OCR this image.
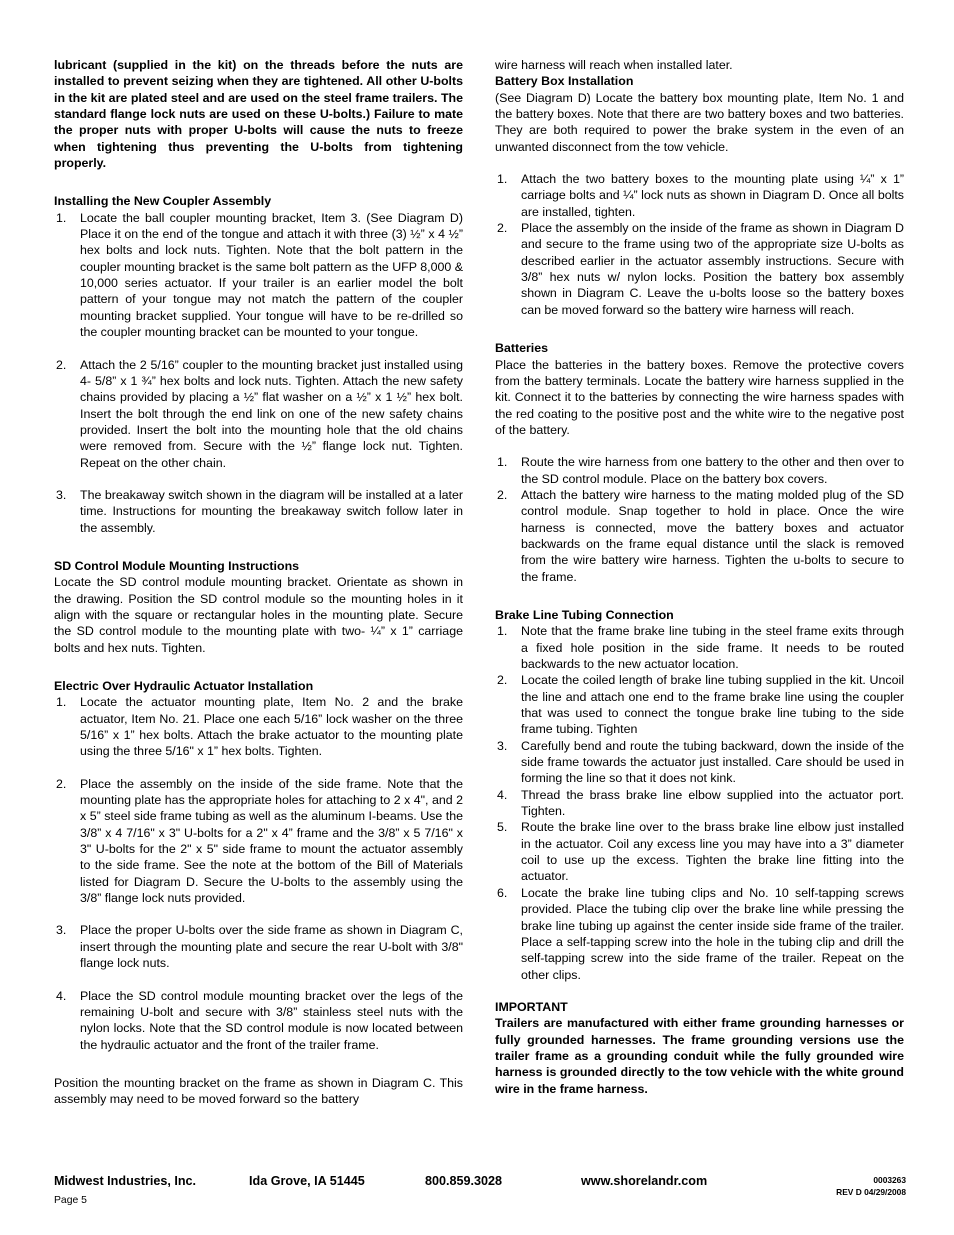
lubricant (supplied in the kit) on the threads before the nuts are installed to prevent seizing when they are tightened. All other U-bolts in the kit are plated steel and are used on the steel frame trailers. The standard flange lock nuts are used on these U-bolts.) Failure to mate the proper nuts with proper U-bolts will cause the nuts to freeze when tightening thus preventing the U-bolts from tightening properly.
Installing the New Coupler Assembly
1.	Locate the ball coupler mounting bracket, Item 3. (See Diagram D) Place it on the end of the tongue and attach it with three (3) ½” x 4 ½” hex bolts and lock nuts. Tighten. Note that the bolt pattern in the coupler mounting bracket is the same bolt pattern as the UFP 8,000 & 10,000 series actuator. If your trailer is an earlier model the bolt pattern of your tongue may not match the pattern of the coupler mounting bracket supplied. Your tongue will have to be re-drilled so the coupler mounting bracket can be mounted to your tongue.
2.	Attach the 2 5/16” coupler to the mounting bracket just installed using 4- 5/8” x 1 ¾” hex bolts and lock nuts. Tighten. Attach the new safety chains provided by placing a ½” flat washer on a ½” x 1 ½” hex bolt. Insert the bolt through the end link on one of the new safety chains provided. Insert the bolt into the mounting hole that the old chains were removed from. Secure with the ½” flange lock nut. Tighten. Repeat on the other chain.
3.	The breakaway switch shown in the diagram will be installed at a later time. Instructions for mounting the breakaway switch follow later in the assembly.
SD Control Module Mounting Instructions
Locate the SD control module mounting bracket. Orientate as shown in the drawing. Position the SD control module so the mounting holes in it align with the square or rectangular holes in the mounting plate. Secure the SD control module to the mounting plate with two- ¼” x 1” carriage bolts and hex nuts. Tighten.
Electric Over Hydraulic Actuator Installation
1.	Locate the actuator mounting plate, Item No. 2 and the brake actuator, Item No. 21. Place one each 5/16” lock washer on the three 5/16” x 1” hex bolts. Attach the brake actuator to the mounting plate using the three 5/16" x 1” hex bolts. Tighten.
2.	Place the assembly on the inside of the side frame. Note that the mounting plate has the appropriate holes for attaching to 2 x 4", and 2 x 5” steel side frame tubing as well as the aluminum I-beams. Use the 3/8” x 4 7/16" x 3" U-bolts for a 2" x 4” frame and the 3/8” x 5 7/16" x 3" U-bolts for the 2" x 5" side frame to mount the actuator assembly to the side frame. See the note at the bottom of the Bill of Materials listed for Diagram D. Secure the U-bolts to the assembly using the 3/8” flange lock nuts provided.
3.	Place the proper U-bolts over the side frame as shown in Diagram C, insert through the mounting plate and secure the rear U-bolt with 3/8" flange lock nuts.
4.	Place the SD control module mounting bracket over the legs of the remaining U-bolt and secure with 3/8” stainless steel nuts with the nylon locks. Note that the SD control module is now located between the hydraulic actuator and the front of the trailer frame.
Position the mounting bracket on the frame as shown in Diagram C. This assembly may need to be moved forward so the battery
wire harness will reach when installed later.
Battery Box Installation
(See Diagram D) Locate the battery box mounting plate, Item No. 1 and the battery boxes. Note that there are two battery boxes and two batteries. They are both required to power the brake system in the even of an unwanted disconnect from the tow vehicle.
1.	Attach the two battery boxes to the mounting plate using ¼” x 1” carriage bolts and ¼” lock nuts as shown in Diagram D. Once all bolts are installed, tighten.
2.	Place the assembly on the inside of the frame as shown in Diagram D and secure to the frame using two of the appropriate size U-bolts as described earlier in the actuator assembly instructions. Secure with 3/8” hex nuts w/ nylon locks. Position the battery box assembly shown in Diagram C. Leave the u-bolts loose so the battery boxes can be moved forward so the battery wire harness will reach.
Batteries
Place the batteries in the battery boxes. Remove the protective covers from the battery terminals. Locate the battery wire harness supplied in the kit. Connect it to the batteries by connecting the wire harness spades with the red coating to the positive post and the white wire to the negative post of the battery.
1.	Route the wire harness from one battery to the other and then over to the SD control module. Place on the battery box covers.
2.	Attach the battery wire harness to the mating molded plug of the SD control module. Snap together to hold in place. Once the wire harness is connected, move the battery boxes and actuator backwards on the frame equal distance until the slack is removed from the wire battery wire harness. Tighten the u-bolts to secure to the frame.
Brake Line Tubing Connection
1.	Note that the frame brake line tubing in the steel frame exits through a fixed hole position in the side frame. It needs to be routed backwards to the new actuator location.
2.	Locate the coiled length of brake line tubing supplied in the kit. Uncoil the line and attach one end to the frame brake line using the coupler that was used to connect the tongue brake line tubing to the side frame tubing. Tighten
3.	Carefully bend and route the tubing backward, down the inside of the side frame towards the actuator just installed. Care should be used in forming the line so that it does not kink.
4.	Thread the brass brake line elbow supplied into the actuator port. Tighten.
5.	Route the brake line over to the brass brake line elbow just installed in the actuator. Coil any excess line you may have into a 3” diameter coil to use up the excess. Tighten the brake line fitting into the actuator.
6.	Locate the brake line tubing clips and No. 10 self-tapping screws provided. Place the tubing clip over the brake line while pressing the brake line tubing up against the center inside side frame of the trailer. Place a self-tapping screw into the hole in the tubing clip and drill the self-tapping screw into the side frame of the trailer. Repeat on the other clips.
IMPORTANT
Trailers are manufactured with either frame grounding harnesses or fully grounded harnesses. The frame grounding versions use the trailer frame as a grounding conduit while the fully grounded wire harness is grounded directly to the tow vehicle with the white ground wire in the frame harness.
Midwest Industries, Inc.	Ida Grove, IA 51445	800.859.3028	www.shorelandr.com	0003263
REV D 04/29/2008
Page 5
